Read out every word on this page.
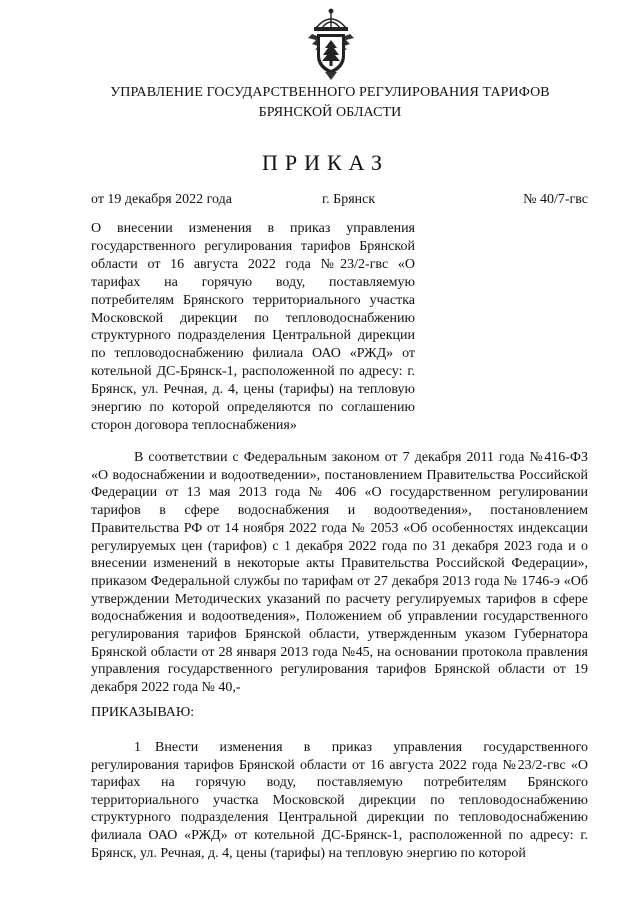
УПРАВЛЕНИЕ ГОСУДАРСТВЕННОГО РЕГУЛИРОВАНИЯ ТАРИФОВ
БРЯНСКОЙ ОБЛАСТИ
ПРИКАЗ
от 19 декабря 2022 года	г. Брянск	№ 40/7-гвс
О внесении изменения в приказ управления государственного регулирования тарифов Брянской области от 16 августа 2022 года №23/2-гвс «О тарифах на горячую воду, поставляемую потребителям Брянского территориального участка Московской дирекции по тепловодоснабжению структурного подразделения Центральной дирекции по тепловодоснабжению филиала ОАО «РЖД» от котельной ДС-Брянск-1, расположенной по адресу: г. Брянск, ул. Речная, д. 4, цены (тарифы) на тепловую энергию по которой определяются по соглашению сторон договора теплоснабжения»
В соответствии с Федеральным законом от 7 декабря 2011 года №416-ФЗ «О водоснабжении и водоотведении», постановлением Правительства Российской Федерации от 13 мая 2013 года № 406 «О государственном регулировании тарифов в сфере водоснабжения и водоотведения», постановлением Правительства РФ от 14 ноября 2022 года № 2053 «Об особенностях индексации регулируемых цен (тарифов) с 1 декабря 2022 года по 31 декабря 2023 года и о внесении изменений в некоторые акты Правительства Российской Федерации», приказом Федеральной службы по тарифам от 27 декабря 2013 года № 1746-э «Об утверждении Методических указаний по расчету регулируемых тарифов в сфере водоснабжения и водоотведения», Положением об управлении государственного регулирования тарифов Брянской области, утвержденным указом Губернатора Брянской области от 28 января 2013 года №45, на основании протокола правления управления государственного регулирования тарифов Брянской области от 19 декабря 2022 года № 40,-
ПРИКАЗЫВАЮ:
1 Внести изменения в приказ управления государственного регулирования тарифов Брянской области от 16 августа 2022 года №23/2-гвс «О тарифах на горячую воду, поставляемую потребителям Брянского территориального участка Московской дирекции по тепловодоснабжению структурного подразделения Центральной дирекции по тепловодоснабжению филиала ОАО «РЖД» от котельной ДС-Брянск-1, расположенной по адресу: г. Брянск, ул. Речная, д. 4, цены (тарифы) на тепловую энергию по которой
